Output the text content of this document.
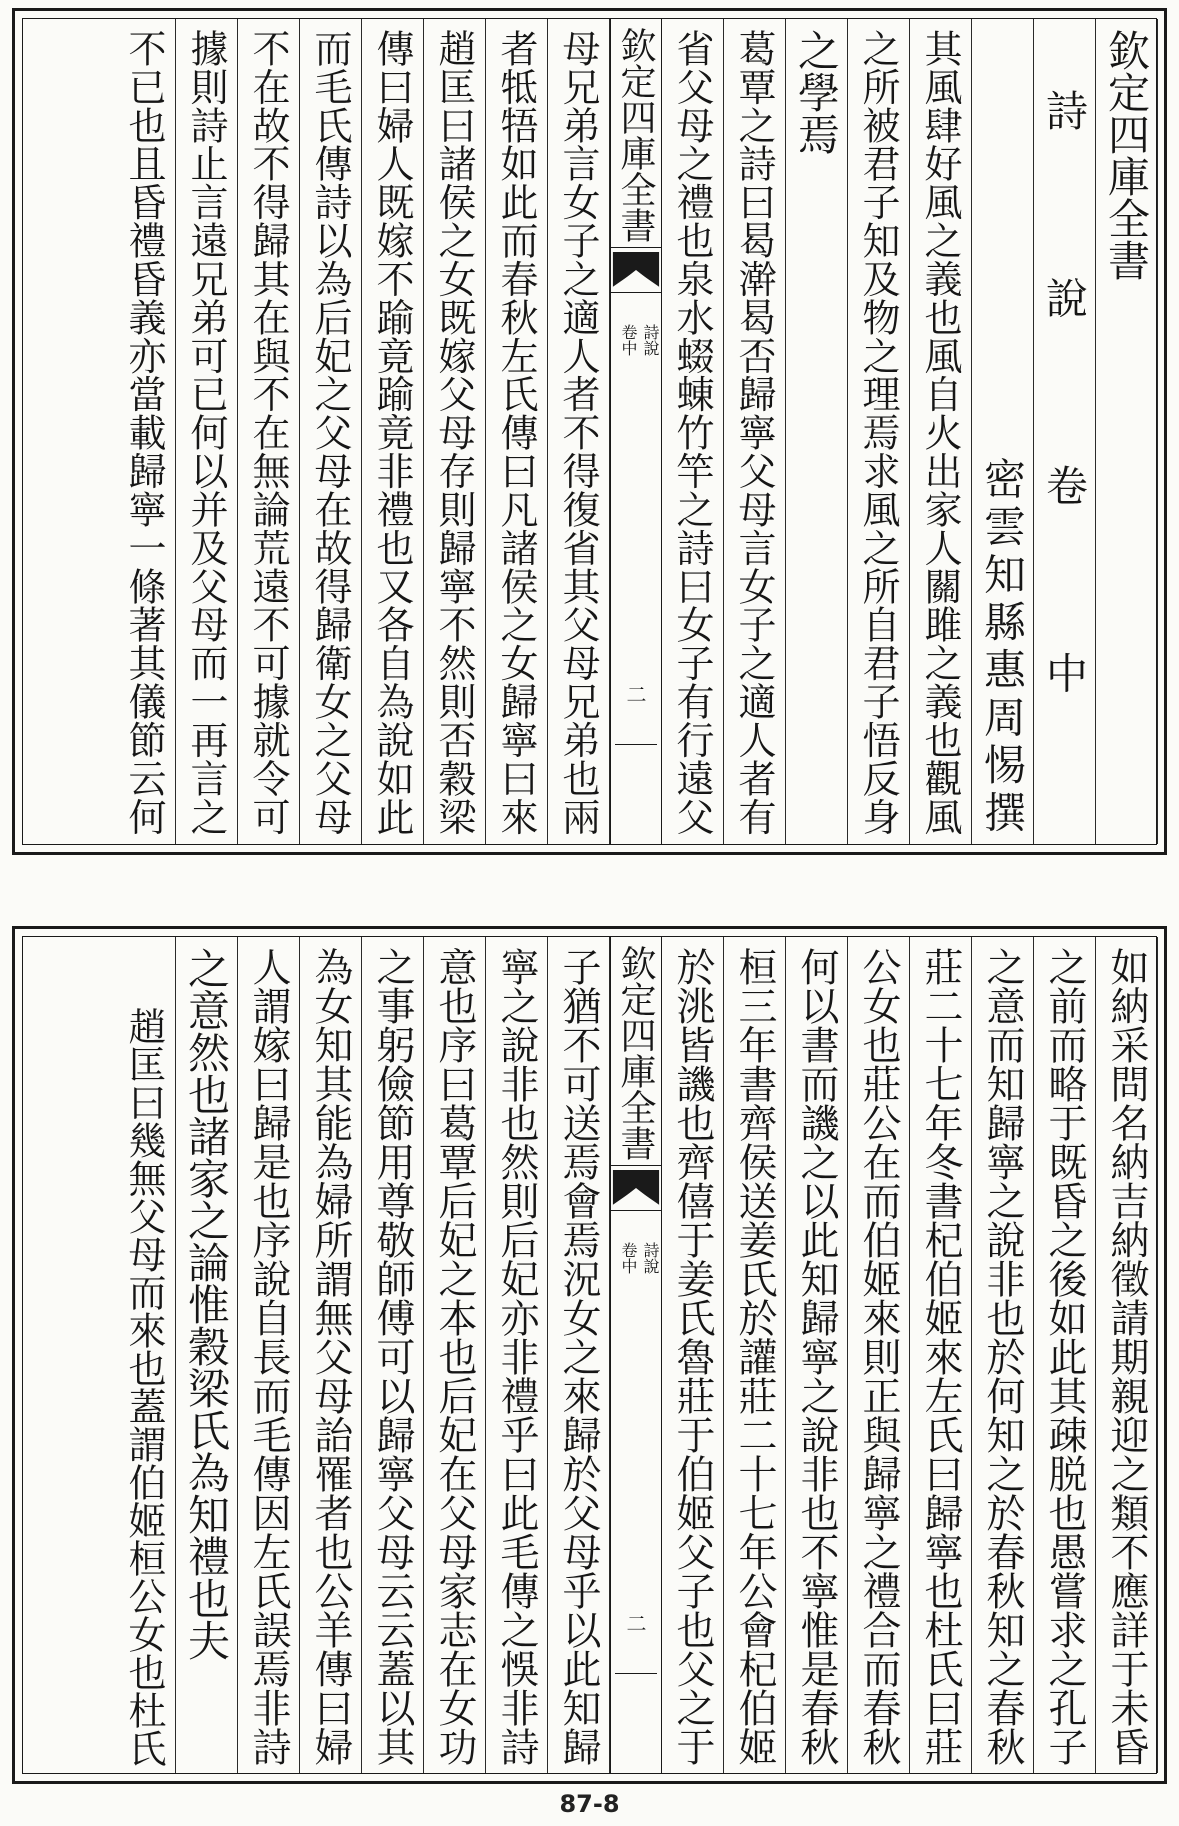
欽定四庫全書
詩說卷中
密雲知縣惠周惕撰
其風肆好風之義也風自火出家人關雎之義也觀風
之所被君子知及物之理焉求風之所自君子悟反身
之學焉
葛覃之詩曰曷澣曷否歸寧父母言女子之適人者有
省父母之禮也泉水蝃蝀竹竿之詩曰女子有行遠父
欽定四庫全書
詩說 卷中
二
母兄弟言女子之適人者不得復省其父母兄弟也兩
者牴牾如此而春秋左氏傳曰凡諸侯之女歸寧曰來
趙匡曰諸侯之女既嫁父母存則歸寧不然則否穀梁
傳曰婦人既嫁不踰竟踰竟非禮也又各自為說如此
而毛氏傳詩以為后妃之父母在故得歸衛女之父母
不在故不得歸其在與不在無論荒遠不可據就令可
據則詩止言遠兄弟可已何以并及父母而一再言之
不已也且昏禮昏義亦當載歸寧一條著其儀節云何
如納采問名納吉納徵請期親迎之類不應詳于未昏
之前而略于既昏之後如此其疎脱也愚嘗求之孔子
之意而知歸寧之說非也於何知之於春秋知之春秋
莊二十七年冬書杞伯姬來左氏曰歸寧也杜氏曰莊
公女也莊公在而伯姬來則正與歸寧之禮合而春秋
何以書而譏之以此知歸寧之說非也不寧惟是春秋
桓三年書齊侯送姜氏於讙莊二十七年公會杞伯姬
於洮皆譏也齊僖于姜氏魯莊于伯姬父子也父之于
欽定四庫全書
詩說 卷中
二
子猶不可送焉會焉況女之來歸於父母乎以此知歸
寧之說非也然則后妃亦非禮乎曰此毛傳之悞非詩
意也序曰葛覃后妃之本也后妃在父母家志在女功
之事躬儉節用尊敬師傅可以歸寧父母云云蓋以其
為女知其能為婦所謂無父母詒罹者也公羊傳曰婦
人謂嫁曰歸是也序說自長而毛傳因左氏誤焉非詩
之意然也諸家之論惟穀梁氏為知禮也夫
趙匡曰幾無父母而來也蓋謂伯姬桓公女也杜氏
87-8
